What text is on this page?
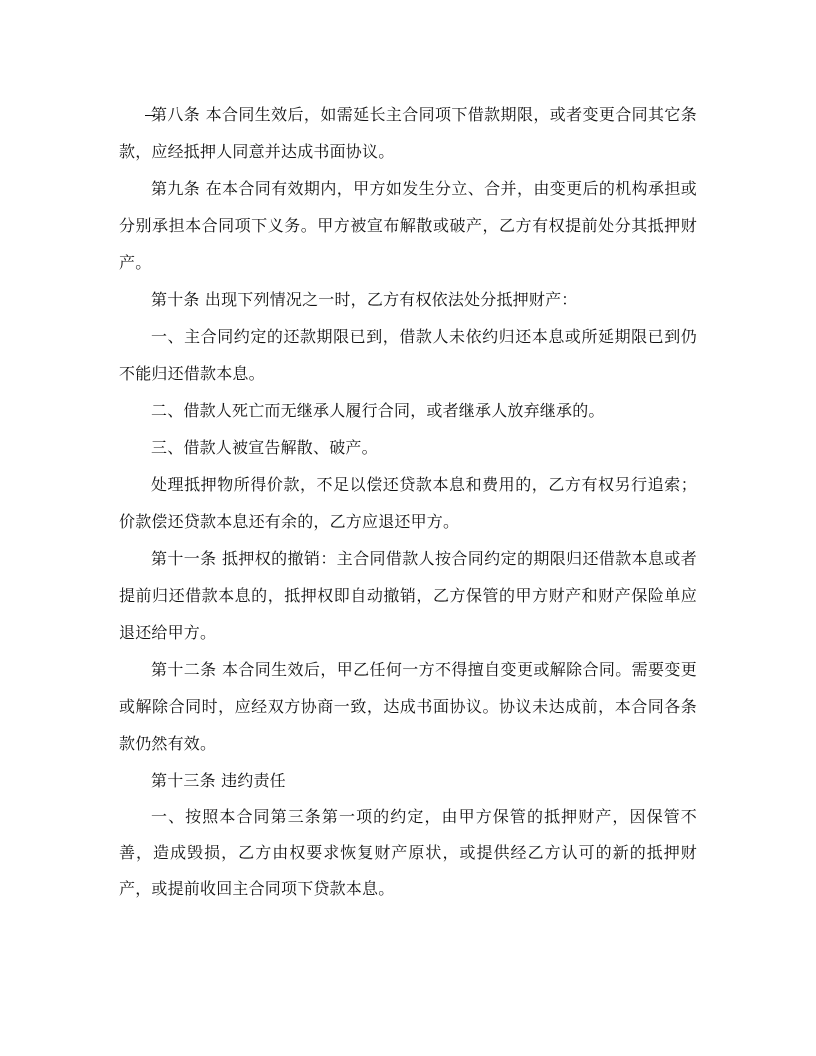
第八条 本合同生效后，如需延长主合同项下借款期限，或者变更合同其它条款，应经抵押人同意并达成书面协议。

第九条 在本合同有效期内，甲方如发生分立、合并，由变更后的机构承担或分别承担本合同项下义务。甲方被宣布解散或破产，乙方有权提前处分其抵押财产。

第十条 出现下列情况之一时，乙方有权依法处分抵押财产：

一、主合同约定的还款期限已到，借款人未依约归还本息或所延期限已到仍不能归还借款本息。

二、借款人死亡而无继承人履行合同，或者继承人放弃继承的。

三、借款人被宣告解散、破产。

处理抵押物所得价款，不足以偿还贷款本息和费用的，乙方有权另行追索；价款偿还贷款本息还有余的，乙方应退还甲方。

第十一条 抵押权的撤销：主合同借款人按合同约定的期限归还借款本息或者提前归还借款本息的，抵押权即自动撤销，乙方保管的甲方财产和财产保险单应退还给甲方。

第十二条 本合同生效后，甲乙任何一方不得擅自变更或解除合同。需要变更或解除合同时，应经双方协商一致，达成书面协议。协议未达成前，本合同各条款仍然有效。

第十三条 违约责任

一、按照本合同第三条第一项的约定，由甲方保管的抵押财产，因保管不善，造成毁损，乙方由权要求恢复财产原状，或提供经乙方认可的新的抵押财产，或提前收回主合同项下贷款本息。
